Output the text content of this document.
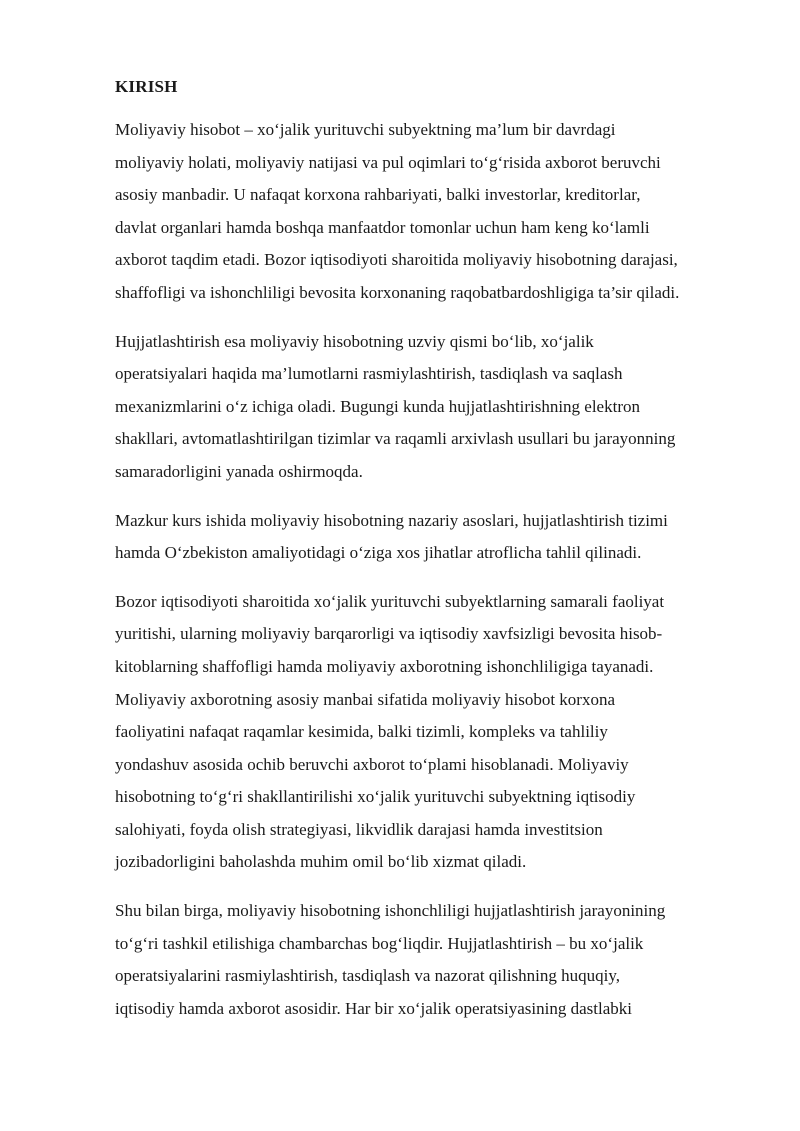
KIRISH
Moliyaviy hisobot – xo‘jalik yurituvchi subyektning ma’lum bir davrdagi
moliyaviy holati, moliyaviy natijasi va pul oqimlari to‘g‘risida axborot beruvchi
asosiy manbadir. U nafaqat korxona rahbariyati, balki investorlar, kreditorlar,
davlat organlari hamda boshqa manfaatdor tomonlar uchun ham keng ko‘lamli
axborot taqdim etadi. Bozor iqtisodiyoti sharoitida moliyaviy hisobotning darajasi,
shaffofligi va ishonchliligi bevosita korxonaning raqobatbardoshligiga ta’sir qiladi.
Hujjatlashtirish esa moliyaviy hisobotning uzviy qismi bo‘lib, xo‘jalik
operatsiyalari haqida ma’lumotlarni rasmiylashtirish, tasdiqlash va saqlash
mexanizmlarini o‘z ichiga oladi. Bugungi kunda hujjatlashtirishning elektron
shakllari, avtomatlashtirilgan tizimlar va raqamli arxivlash usullari bu jarayonning
samaradorligini yanada oshirmoqda.
Mazkur kurs ishida moliyaviy hisobotning nazariy asoslari, hujjatlashtirish tizimi
hamda O‘zbekiston amaliyotidagi o‘ziga xos jihatlar atroflicha tahlil qilinadi.
Bozor iqtisodiyoti sharoitida xo‘jalik yurituvchi subyektlarning samarali faoliyat
yuritishi, ularning moliyaviy barqarorligi va iqtisodiy xavfsizligi bevosita hisob-
kitoblarning shaffofligi hamda moliyaviy axborotning ishonchliligiga tayanadi.
Moliyaviy axborotning asosiy manbai sifatida moliyaviy hisobot korxona
faoliyatini nafaqat raqamlar kesimida, balki tizimli, kompleks va tahliliy
yondashuv asosida ochib beruvchi axborot to‘plami hisoblanadi. Moliyaviy
hisobotning to‘g‘ri shakllantirilishi xo‘jalik yurituvchi subyektning iqtisodiy
salohiyati, foyda olish strategiyasi, likvidlik darajasi hamda investitsion
jozibadorligini baholashda muhim omil bo‘lib xizmat qiladi.
Shu bilan birga, moliyaviy hisobotning ishonchliligi hujjatlashtirish jarayonining
to‘g‘ri tashkil etilishiga chambarchas bog‘liqdir. Hujjatlashtirish – bu xo‘jalik
operatsiyalarini rasmiylashtirish, tasdiqlash va nazorat qilishning huquqiy,
iqtisodiy hamda axborot asosidir. Har bir xo‘jalik operatsiyasining dastlabki
